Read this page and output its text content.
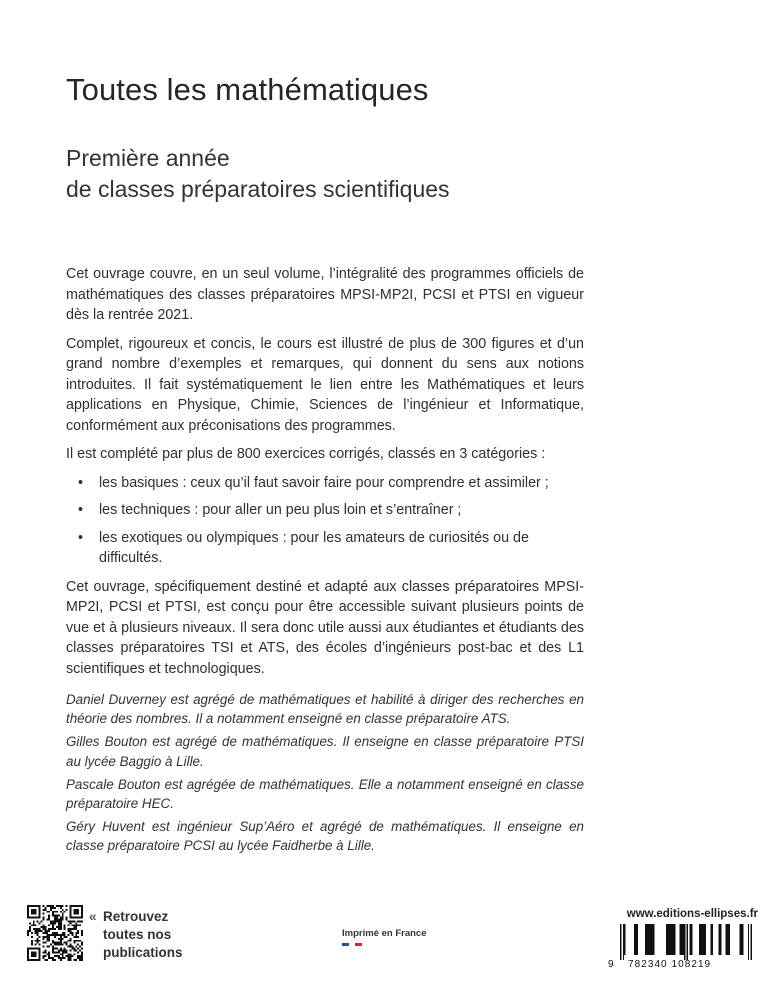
Toutes les mathématiques
Première année
de classes préparatoires scientifiques

Cet ouvrage couvre, en un seul volume, l’intégralité des programmes officiels de mathématiques des classes préparatoires MPSI-MP2I, PCSI et PTSI en vigueur dès la rentrée 2021.

Complet, rigoureux et concis, le cours est illustré de plus de 300 figures et d’un grand nombre d’exemples et remarques, qui donnent du sens aux notions introduites. Il fait systématiquement le lien entre les Mathématiques et leurs applications en Physique, Chimie, Sciences de l’ingénieur et Informatique, conformément aux préconisations des programmes.

Il est complété par plus de 800 exercices corrigés, classés en 3 catégories :

• les basiques : ceux qu’il faut savoir faire pour comprendre et assimiler ;
• les techniques : pour aller un peu plus loin et s’entraîner ;
• les exotiques ou olympiques : pour les amateurs de curiosités ou de difficultés.

Cet ouvrage, spécifiquement destiné et adapté aux classes préparatoires MPSI-MP2I, PCSI et PTSI, est conçu pour être accessible suivant plusieurs points de vue et à plusieurs niveaux. Il sera donc utile aussi aux étudiantes et étudiants des classes préparatoires TSI et ATS, des écoles d’ingénieurs post-bac et des L1 scientifiques et technologiques.

Daniel Duverney est agrégé de mathématiques et habilité à diriger des recherches en théorie des nombres. Il a notamment enseigné en classe préparatoire ATS.

Gilles Bouton est agrégé de mathématiques. Il enseigne en classe préparatoire PTSI au lycée Baggio à Lille.

Pascale Bouton est agrégée de mathématiques. Elle a notamment enseigné en classe préparatoire HEC.

Géry Huvent est ingénieur Sup’Aéro et agrégé de mathématiques. Il enseigne en classe préparatoire PCSI au lycée Faidherbe à Lille.

« Retrouvez
toutes nos
publications
Imprimé en France
www.editions-ellipses.fr
9 782340 108219
